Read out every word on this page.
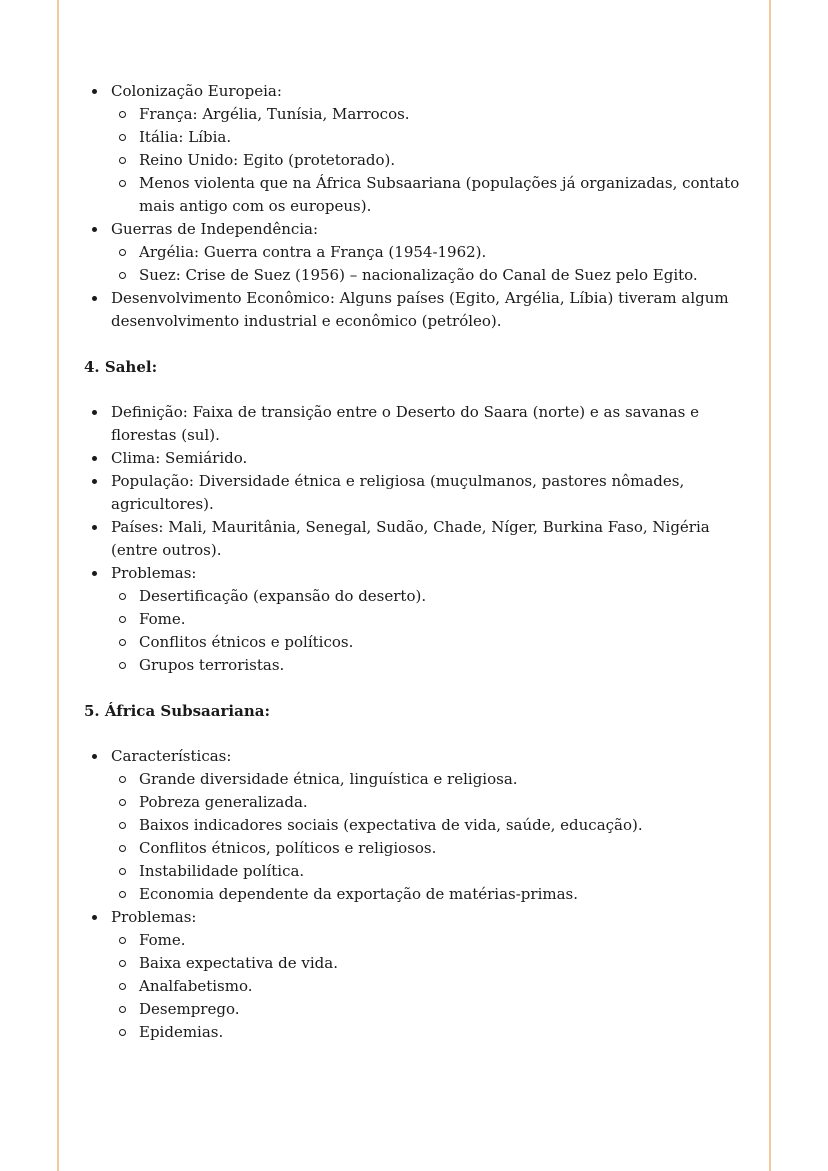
Colonização Europeia:
França: Argélia, Tunísia, Marrocos.
Itália: Líbia.
Reino Unido: Egito (protetorado).
Menos violenta que na África Subsaariana (populações já organizadas, contato mais antigo com os europeus).
Guerras de Independência:
Argélia: Guerra contra a França (1954-1962).
Suez: Crise de Suez (1956) – nacionalização do Canal de Suez pelo Egito.
Desenvolvimento Econômico: Alguns países (Egito, Argélia, Líbia) tiveram algum desenvolvimento industrial e econômico (petróleo).
4. Sahel:
Definição: Faixa de transição entre o Deserto do Saara (norte) e as savanas e florestas (sul).
Clima: Semiárido.
População: Diversidade étnica e religiosa (muçulmanos, pastores nômades, agricultores).
Países: Mali, Mauritânia, Senegal, Sudão, Chade, Níger, Burkina Faso, Nigéria (entre outros).
Problemas:
Desertificação (expansão do deserto).
Fome.
Conflitos étnicos e políticos.
Grupos terroristas.
5. África Subsaariana:
Características:
Grande diversidade étnica, linguística e religiosa.
Pobreza generalizada.
Baixos indicadores sociais (expectativa de vida, saúde, educação).
Conflitos étnicos, políticos e religiosos.
Instabilidade política.
Economia dependente da exportação de matérias-primas.
Problemas:
Fome.
Baixa expectativa de vida.
Analfabetismo.
Desemprego.
Epidemias.
